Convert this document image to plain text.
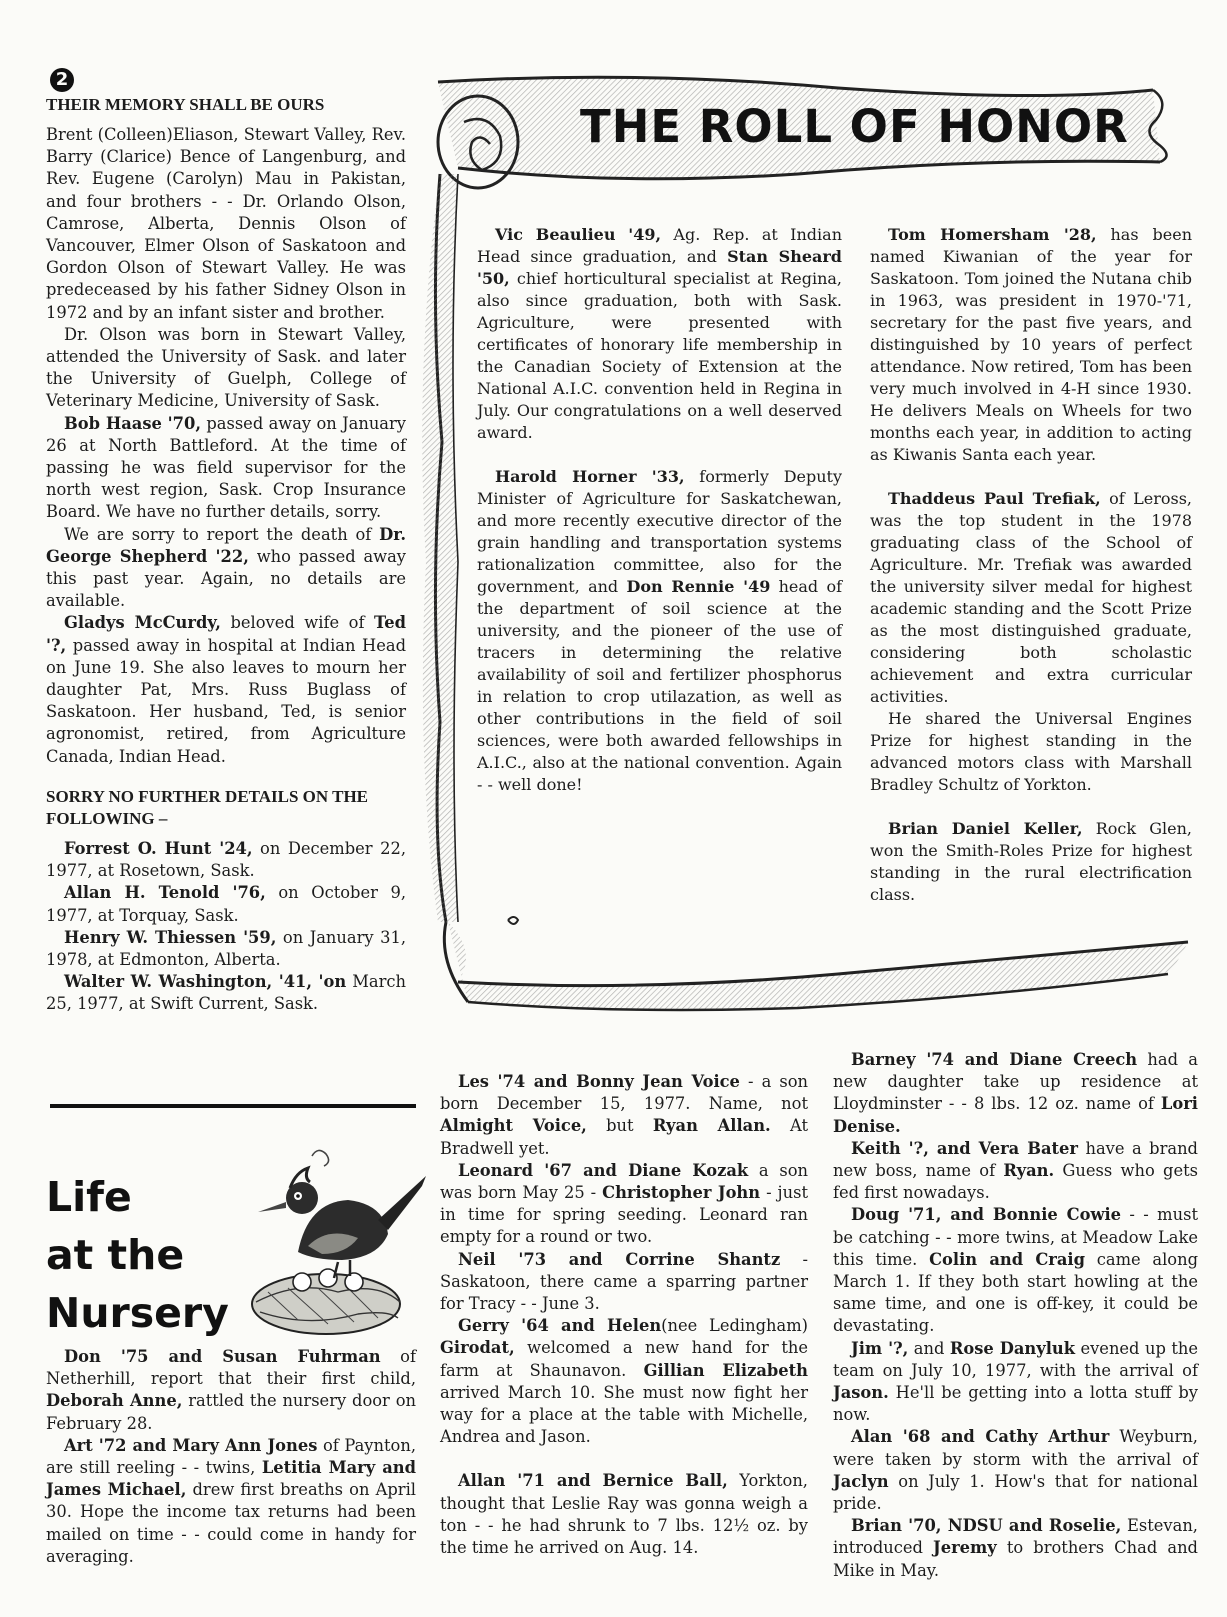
2
THEIR MEMORY SHALL BE OURS

Brent (Colleen)Eliason, Stewart Valley, Rev. Barry (Clarice) Bence of Langenburg, and Rev. Eugene (Carolyn) Mau in Pakistan, and four brothers - - Dr. Orlando Olson, Camrose, Alberta, Dennis Olson of Vancouver, Elmer Olson of Saskatoon and Gordon Olson of Stewart Valley. He was predeceased by his father Sidney Olson in 1972 and by an infant sister and brother.

Dr. Olson was born in Stewart Valley, attended the University of Sask. and later the University of Guelph, College of Veterinary Medicine, University of Sask.

Bob Haase '70, passed away on January 26 at North Battleford. At the time of passing he was field supervisor for the north west region, Sask. Crop Insurance Board. We have no further details, sorry.

We are sorry to report the death of Dr. George Shepherd '22, who passed away this past year. Again, no details are available.

Gladys McCurdy, beloved wife of Ted '?, passed away in hospital at Indian Head on June 19. She also leaves to mourn her daughter Pat, Mrs. Russ Buglass of Saskatoon. Her husband, Ted, is senior agronomist, retired, from Agriculture Canada, Indian Head.

SORRY NO FURTHER DETAILS ON THE FOLLOWING –

Forrest O. Hunt '24, on December 22, 1977, at Rosetown, Sask.

Allan H. Tenold '76, on October 9, 1977, at Torquay, Sask.

Henry W. Thiessen '59, on January 31, 1978, at Edmonton, Alberta.

Walter W. Washington, '41, 'on March 25, 1977, at Swift Current, Sask.

THE ROLL OF HONOR

Vic Beaulieu '49, Ag. Rep. at Indian Head since graduation, and Stan Sheard '50, chief horticultural specialist at Regina, also since graduation, both with Sask. Agriculture, were presented with certificates of honorary life membership in the Canadian Society of Extension at the National A.I.C. convention held in Regina in July. Our congratulations on a well deserved award.

Harold Horner '33, formerly Deputy Minister of Agriculture for Saskatchewan, and more recently executive director of the grain handling and transportation systems rationalization committee, also for the government, and Don Rennie '49 head of the department of soil science at the university, and the pioneer of the use of tracers in determining the relative availability of soil and fertilizer phosphorus in relation to crop utilazation, as well as other contributions in the field of soil sciences, were both awarded fellowships in A.I.C., also at the national convention. Again - - well done!

Tom Homersham '28, has been named Kiwanian of the year for Saskatoon. Tom joined the Nutana chib in 1963, was president in 1970-'71, secretary for the past five years, and distinguished by 10 years of perfect attendance. Now retired, Tom has been very much involved in 4-H since 1930. He delivers Meals on Wheels for two months each year, in addition to acting as Kiwanis Santa each year.

Thaddeus Paul Trefiak, of Leross, was the top student in the 1978 graduating class of the School of Agriculture. Mr. Trefiak was awarded the university silver medal for highest academic standing and the Scott Prize as the most distinguished graduate, considering both scholastic achievement and extra curricular activities.

He shared the Universal Engines Prize for highest standing in the advanced motors class with Marshall Bradley Schultz of Yorkton.

Brian Daniel Keller, Rock Glen, won the Smith-Roles Prize for highest standing in the rural electrification class.

Life
at the
Nursery

Don '75 and Susan Fuhrman of Netherhill, report that their first child, Deborah Anne, rattled the nursery door on February 28.

Art '72 and Mary Ann Jones of Paynton, are still reeling - - twins, Letitia Mary and James Michael, drew first breaths on April 30. Hope the income tax returns had been mailed on time - - could come in handy for averaging.

Les '74 and Bonny Jean Voice - a son born December 15, 1977. Name, not Almight Voice, but Ryan Allan. At Bradwell yet.

Leonard '67 and Diane Kozak a son was born May 25 - Christopher John - just in time for spring seeding. Leonard ran empty for a round or two.

Neil '73 and Corrine Shantz - Saskatoon, there came a sparring partner for Tracy - - June 3.

Gerry '64 and Helen(nee Ledingham) Girodat, welcomed a new hand for the farm at Shaunavon. Gillian Elizabeth arrived March 10. She must now fight her way for a place at the table with Michelle, Andrea and Jason.

Allan '71 and Bernice Ball, Yorkton, thought that Leslie Ray was gonna weigh a ton - - he had shrunk to 7 lbs. 12½ oz. by the time he arrived on Aug. 14.

Barney '74 and Diane Creech had a new daughter take up residence at Lloydminster - - 8 lbs. 12 oz. name of Lori Denise.

Keith '?, and Vera Bater have a brand new boss, name of Ryan. Guess who gets fed first nowadays.

Doug '71, and Bonnie Cowie - - must be catching - - more twins, at Meadow Lake this time. Colin and Craig came along March 1. If they both start howling at the same time, and one is off-key, it could be devastating.

Jim '?, and Rose Danyluk evened up the team on July 10, 1977, with the arrival of Jason. He'll be getting into a lotta stuff by now.

Alan '68 and Cathy Arthur Weyburn, were taken by storm with the arrival of Jaclyn on July 1. How's that for national pride.

Brian '70, NDSU and Roselie, Estevan, introduced Jeremy to brothers Chad and Mike in May.
